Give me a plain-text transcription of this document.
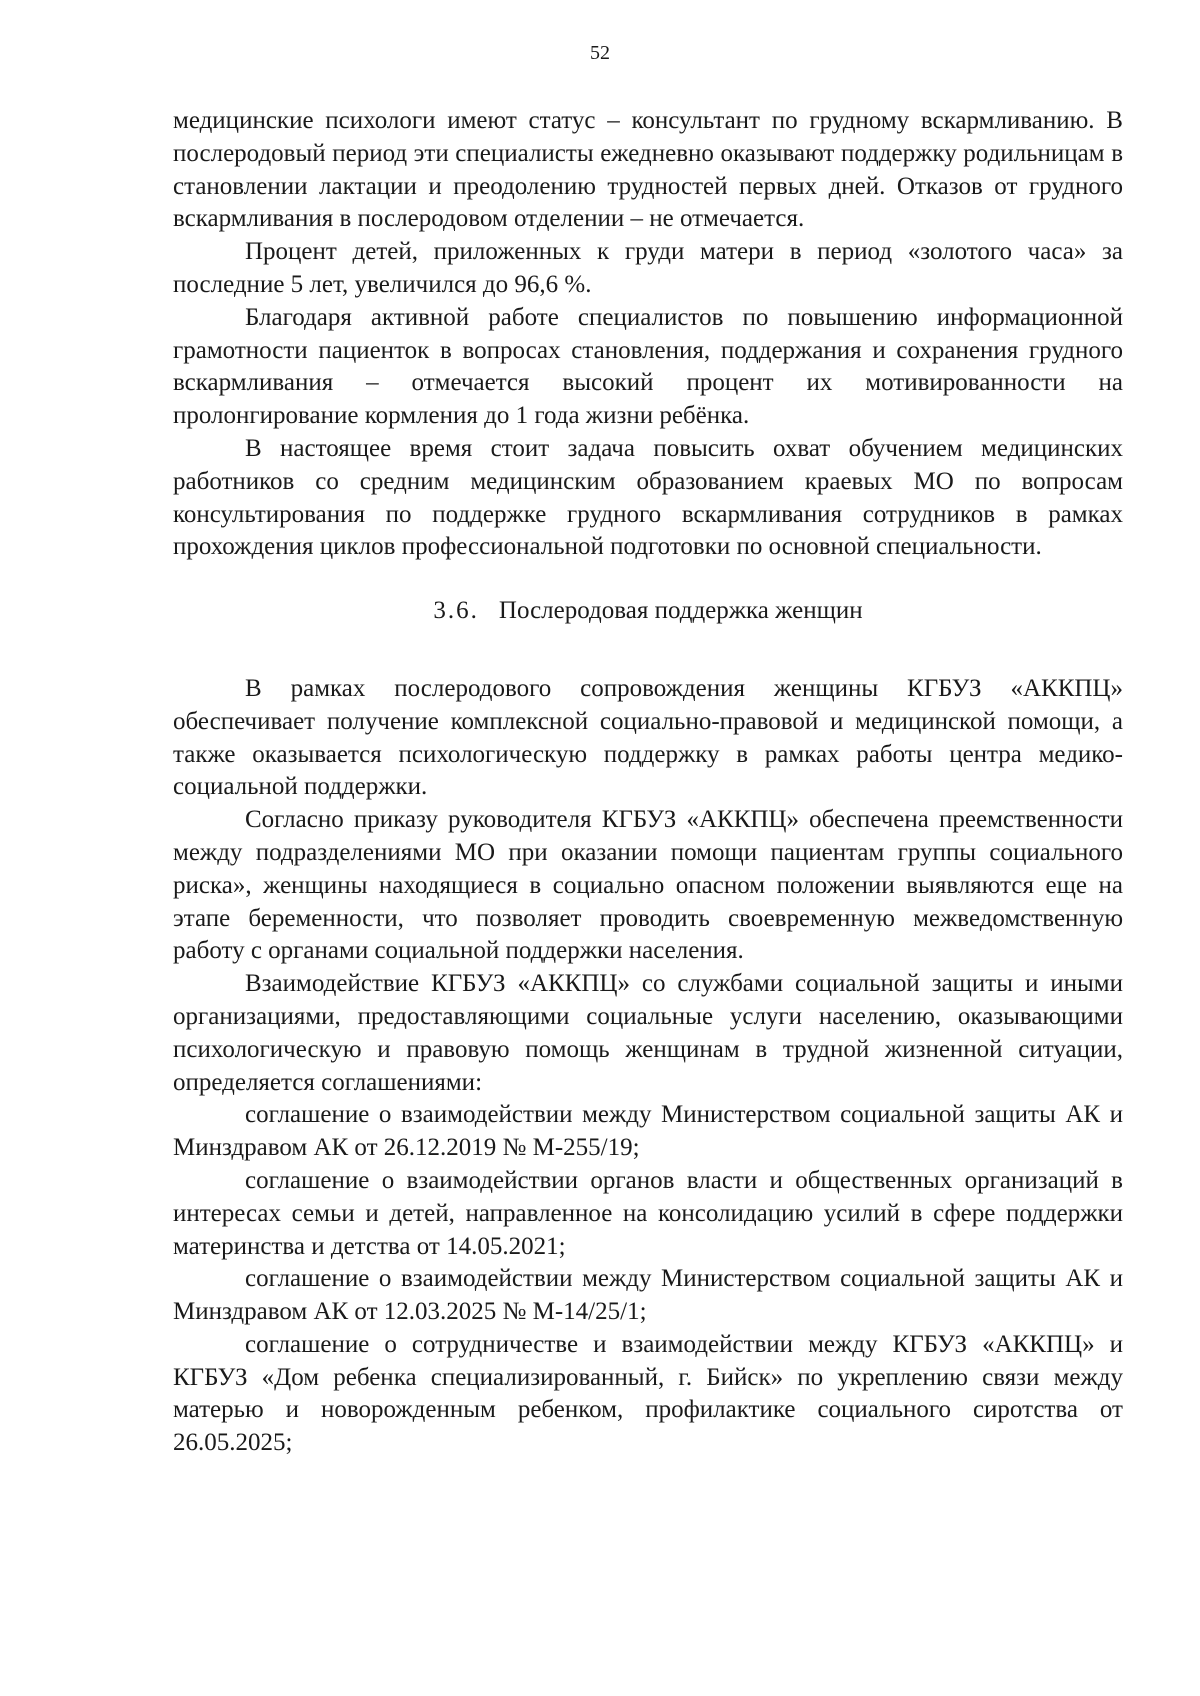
52

медицинские психологи имеют статус – консультант по грудному вскармливанию. В послеродовый период эти специалисты ежедневно оказывают поддержку родильницам в становлении лактации и преодолению трудностей первых дней. Отказов от грудного вскармливания в послеродовом отделении – не отмечается.

Процент детей, приложенных к груди матери в период «золотого часа» за последние 5 лет, увеличился до 96,6 %.

Благодаря активной работе специалистов по повышению информационной грамотности пациенток в вопросах становления, поддержания и сохранения грудного вскармливания – отмечается высокий процент их мотивированности на пролонгирование кормления до 1 года жизни ребёнка.

В настоящее время стоит задача повысить охват обучением медицинских работников со средним медицинским образованием краевых МО по вопросам консультирования по поддержке грудного вскармливания сотрудников в рамках прохождения циклов профессиональной подготовки по основной специальности.

3.6. Послеродовая поддержка женщин

В рамках послеродового сопровождения женщины КГБУЗ «АККПЦ» обеспечивает получение комплексной социально-правовой и медицинской помощи, а также оказывается психологическую поддержку в рамках работы центра медико-социальной поддержки.

Согласно приказу руководителя КГБУЗ «АККПЦ» обеспечена преемственности между подразделениями МО при оказании помощи пациентам группы социального риска», женщины находящиеся в социально опасном положении выявляются еще на этапе беременности, что позволяет проводить своевременную межведомственную работу с органами социальной поддержки населения.

Взаимодействие КГБУЗ «АККПЦ» со службами социальной защиты и иными организациями, предоставляющими социальные услуги населению, оказывающими психологическую и правовую помощь женщинам в трудной жизненной ситуации, определяется соглашениями:

соглашение о взаимодействии между Министерством социальной защиты АК и Минздравом АК от 26.12.2019 № М-255/19;

соглашение о взаимодействии органов власти и общественных организаций в интересах семьи и детей, направленное на консолидацию усилий в сфере поддержки материнства и детства от 14.05.2021;

соглашение о взаимодействии между Министерством социальной защиты АК и Минздравом АК от 12.03.2025 № М-14/25/1;

соглашение о сотрудничестве и взаимодействии между КГБУЗ «АККПЦ» и КГБУЗ «Дом ребенка специализированный, г. Бийск» по укреплению связи между матерью и новорожденным ребенком, профилактике социального сиротства от 26.05.2025;
